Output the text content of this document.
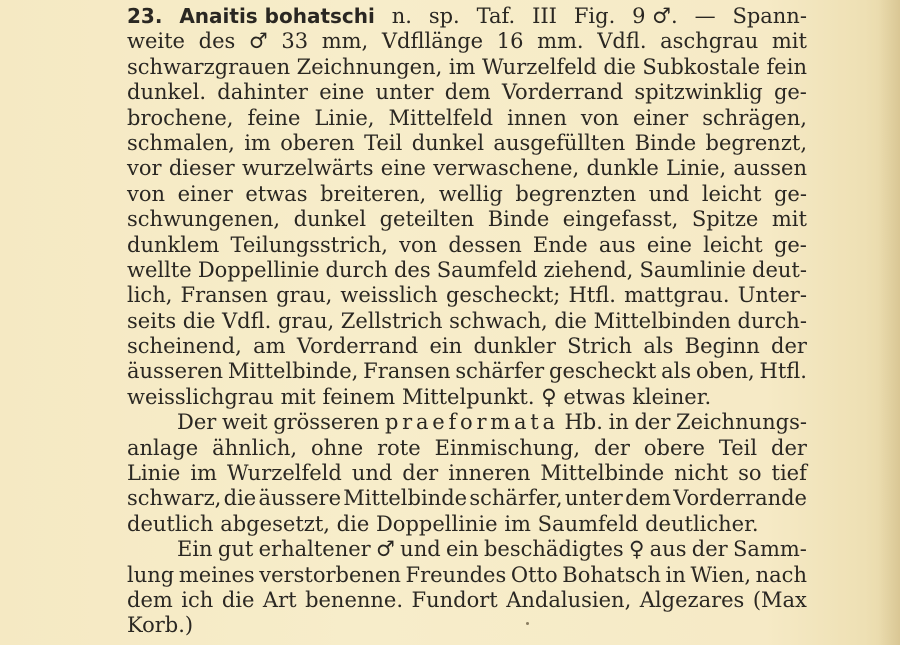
23. Anaitis bohatschi n. sp. Taf. III Fig. 9 ♂. — Spann-
weite des ♂ 33 mm, Vdfllänge 16 mm. Vdfl. aschgrau mit
schwarzgrauen Zeichnungen, im Wurzelfeld die Subkostale fein
dunkel. dahinter eine unter dem Vorderrand spitzwinklig ge-
brochene, feine Linie, Mittelfeld innen von einer schrägen,
schmalen, im oberen Teil dunkel ausgefüllten Binde begrenzt,
vor dieser wurzelwärts eine verwaschene, dunkle Linie, aussen
von einer etwas breiteren, wellig begrenzten und leicht ge-
schwungenen, dunkel geteilten Binde eingefasst, Spitze mit
dunklem Teilungsstrich, von dessen Ende aus eine leicht ge-
wellte Doppellinie durch des Saumfeld ziehend, Saumlinie deut-
lich, Fransen grau, weisslich gescheckt; Htfl. mattgrau. Unter-
seits die Vdfl. grau, Zellstrich schwach, die Mittelbinden durch-
scheinend, am Vorderrand ein dunkler Strich als Beginn der
äusseren Mittelbinde, Fransen schärfer gescheckt als oben, Htfl.
weisslichgrau mit feinem Mittelpunkt. ♀ etwas kleiner.
Der weit grösseren praeformata Hb. in der Zeichnungs-
anlage ähnlich, ohne rote Einmischung, der obere Teil der
Linie im Wurzelfeld und der inneren Mittelbinde nicht so tief
schwarz, die äussere Mittelbinde schärfer, unter dem Vorderrande
deutlich abgesetzt, die Doppellinie im Saumfeld deutlicher.
Ein gut erhaltener ♂ und ein beschädigtes ♀ aus der Samm-
lung meines verstorbenen Freundes Otto Bohatsch in Wien, nach
dem ich die Art benenne. Fundort Andalusien, Algezares (Max
Korb.)
